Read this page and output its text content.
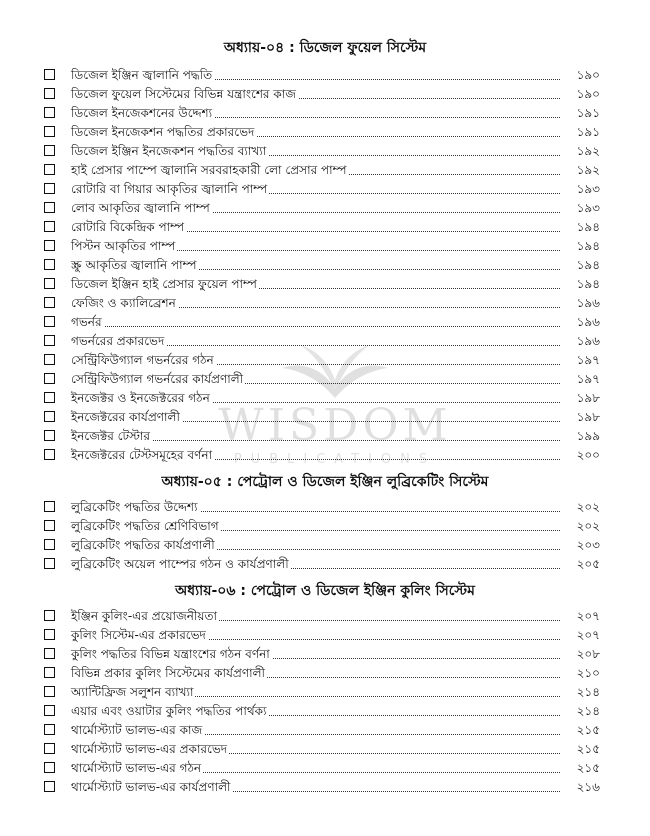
WISDOM
PUBLICATIONS
অধ্যায়-০৪ : ডিজেল ফুয়েল সিস্টেম
ডিজেল ইঞ্জিন জ্বালানি পদ্ধতি	১৯০
ডিজেল ফুয়েল সিস্টেমের বিভিন্ন যন্ত্রাংশের কাজ	১৯০
ডিজেল ইনজেকশনের উদ্দেশ্য	১৯১
ডিজেল ইনজেকশন পদ্ধতির প্রকারভেদ	১৯১
ডিজেল ইঞ্জিন ইনজেকশন পদ্ধতির ব্যাখ্যা	১৯২
হাই প্রেসার পাম্পে জ্বালানি সরবরাহকারী লো প্রেসার পাম্প	১৯২
রোটারি বা গিয়ার আকৃতির জ্বালানি পাম্প	১৯৩
লোব আকৃতির জ্বালানি পাম্প	১৯৩
রোটারি বিকেন্দ্রিক পাম্প	১৯৪
পিস্টন আকৃতির পাম্প	১৯৪
স্ক্রু আকৃতির জ্বালানি পাম্প	১৯৪
ডিজেল ইঞ্জিন হাই প্রেসার ফুয়েল পাম্প	১৯৪
ফেজিং ও ক্যালিব্রেশন	১৯৬
গভর্নর	১৯৬
গভর্নরের প্রকারভেদ	১৯৬
সেন্ট্রিফিউগ্যাল গভর্নরের গঠন	১৯৭
সেন্ট্রিফিউগ্যাল গভর্নরের কার্যপ্রণালী	১৯৭
ইনজেক্টর ও ইনজেক্টরের গঠন	১৯৮
ইনজেক্টরের কার্যপ্রণালী	১৯৮
ইনজেক্টর টেস্টার	১৯৯
ইনজেক্টরের টেস্টসমূহের বর্ণনা	২০০
অধ্যায়-০৫ : পেট্রোল ও ডিজেল ইঞ্জিন লুব্রিকেটিং সিস্টেম
লুব্রিকেটিং পদ্ধতির উদ্দেশ্য	২০২
লুব্রিকেটিং পদ্ধতির শ্রেণিবিভাগ	২০২
লুব্রিকেটিং পদ্ধতির কার্যপ্রণালী	২০৩
লুব্রিকেটিং অয়েল পাম্পের গঠন ও কার্যপ্রণালী	২০৫
অধ্যায়-০৬ : পেট্রোল ও ডিজেল ইঞ্জিন কুলিং সিস্টেম
ইঞ্জিন কুলিং-এর প্রয়োজনীয়তা	২০৭
কুলিং সিস্টেম-এর প্রকারভেদ	২০৭
কুলিং পদ্ধতির বিভিন্ন যন্ত্রাংশের গঠন বর্ণনা	২০৮
বিভিন্ন প্রকার কুলিং সিস্টেমের কার্যপ্রণালী	২১০
অ্যান্টিফ্রিজ সলুশন ব্যাখ্যা	২১৪
এয়ার এবং ওয়াটার কুলিং পদ্ধতির পার্থক্য	২১৪
থার্মোস্ট্যাট ভালভ-এর কাজ	২১৫
থার্মোস্ট্যাট ভালভ-এর প্রকারভেদ	২১৫
থার্মোস্ট্যাট ভালভ-এর গঠন	২১৫
থার্মোস্ট্যাট ভালভ-এর কার্যপ্রণালী	২১৬
